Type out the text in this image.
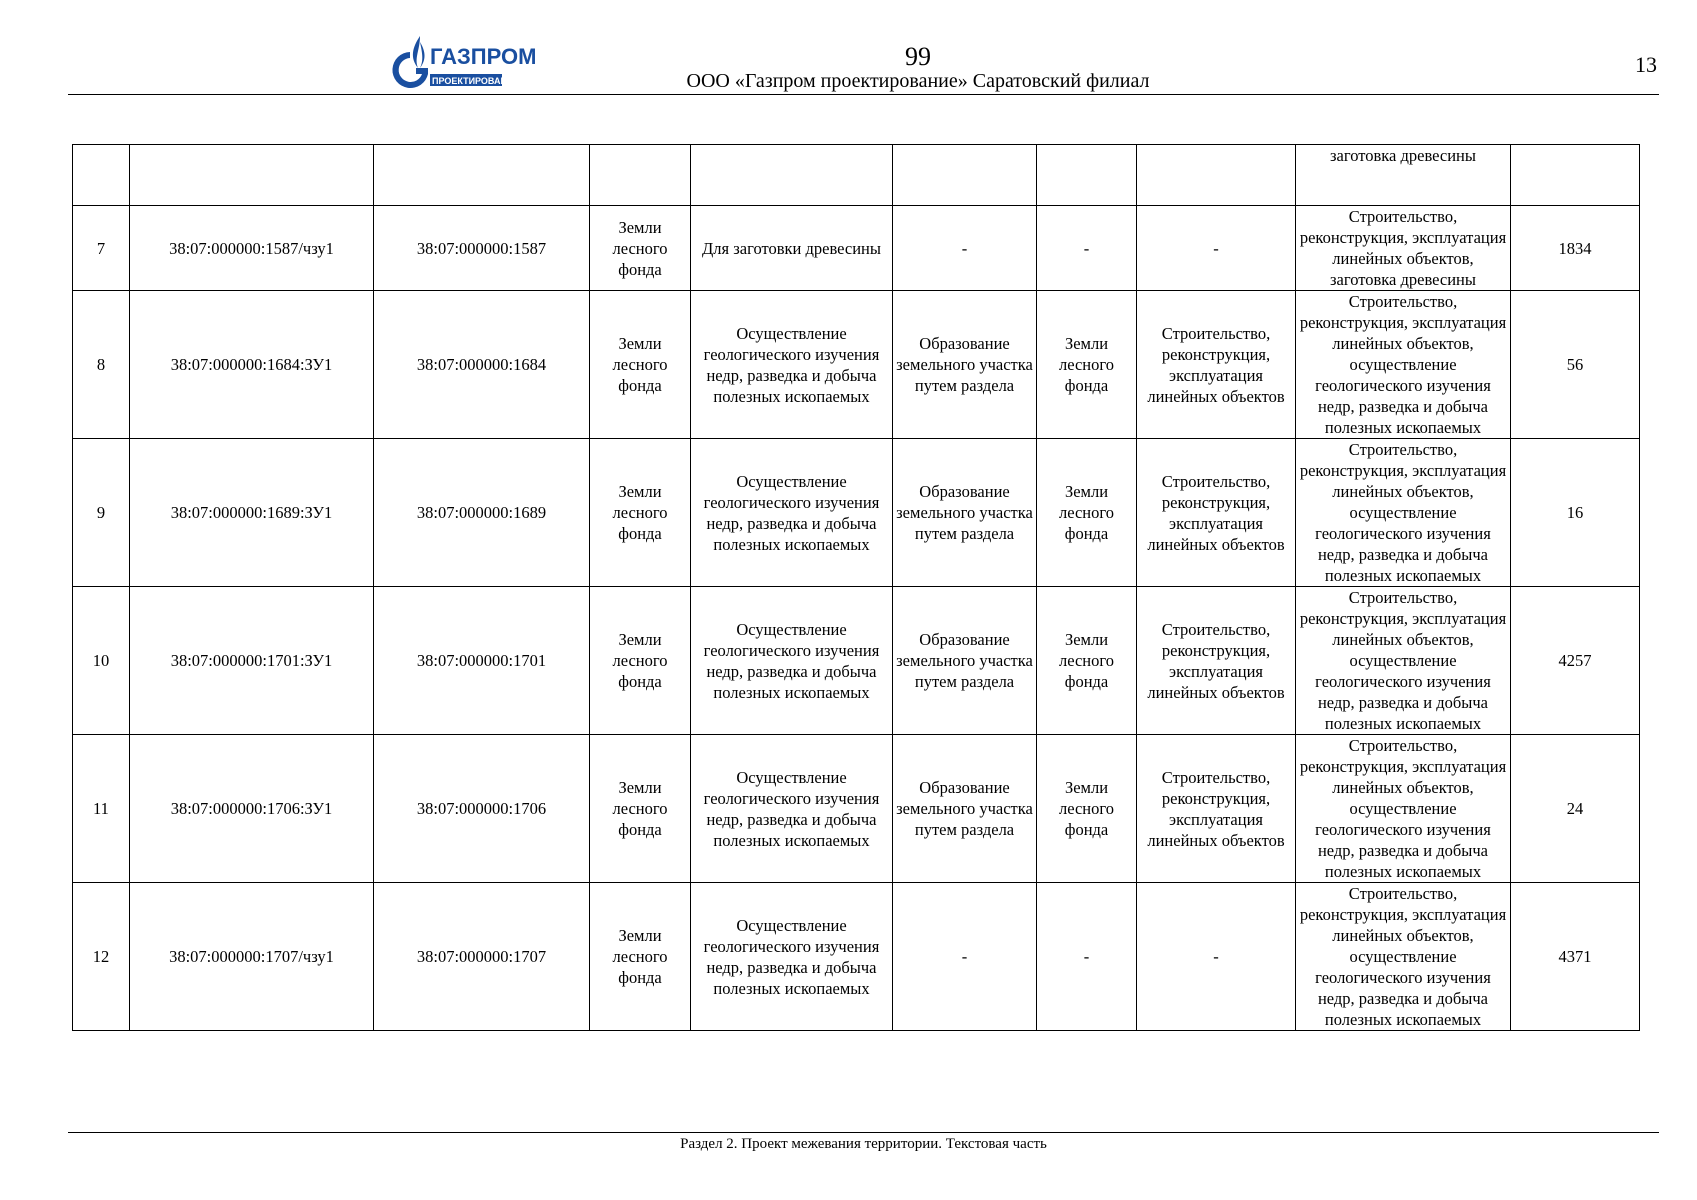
ГАЗПРОМ
ПРОЕКТИРОВАНИЕ
99
ООО «Газпром проектирование» Саратовский филиал
13
								заготовка древесины	
7	38:07:000000:1587/чзу1	38:07:000000:1587	Земли лесного фонда	Для заготовки древесины	-	-	-	Строительство, реконструкция, эксплуатация линейных объектов, заготовка древесины	1834
8	38:07:000000:1684:ЗУ1	38:07:000000:1684	Земли лесного фонда	Осуществление геологического изучения недр, разведка и добыча полезных ископаемых	Образование земельного участка путем раздела	Земли лесного фонда	Строительство, реконструкция, эксплуатация линейных объектов	Строительство, реконструкция, эксплуатация линейных объектов, осуществление геологического изучения недр, разведка и добыча полезных ископаемых	56
9	38:07:000000:1689:ЗУ1	38:07:000000:1689	Земли лесного фонда	Осуществление геологического изучения недр, разведка и добыча полезных ископаемых	Образование земельного участка путем раздела	Земли лесного фонда	Строительство, реконструкция, эксплуатация линейных объектов	Строительство, реконструкция, эксплуатация линейных объектов, осуществление геологического изучения недр, разведка и добыча полезных ископаемых	16
10	38:07:000000:1701:ЗУ1	38:07:000000:1701	Земли лесного фонда	Осуществление геологического изучения недр, разведка и добыча полезных ископаемых	Образование земельного участка путем раздела	Земли лесного фонда	Строительство, реконструкция, эксплуатация линейных объектов	Строительство, реконструкция, эксплуатация линейных объектов, осуществление геологического изучения недр, разведка и добыча полезных ископаемых	4257
11	38:07:000000:1706:ЗУ1	38:07:000000:1706	Земли лесного фонда	Осуществление геологического изучения недр, разведка и добыча полезных ископаемых	Образование земельного участка путем раздела	Земли лесного фонда	Строительство, реконструкция, эксплуатация линейных объектов	Строительство, реконструкция, эксплуатация линейных объектов, осуществление геологического изучения недр, разведка и добыча полезных ископаемых	24
12	38:07:000000:1707/чзу1	38:07:000000:1707	Земли лесного фонда	Осуществление геологического изучения недр, разведка и добыча полезных ископаемых	-	-	-	Строительство, реконструкция, эксплуатация линейных объектов, осуществление геологического изучения недр, разведка и добыча полезных ископаемых	4371
Раздел 2. Проект межевания территории. Текстовая часть
